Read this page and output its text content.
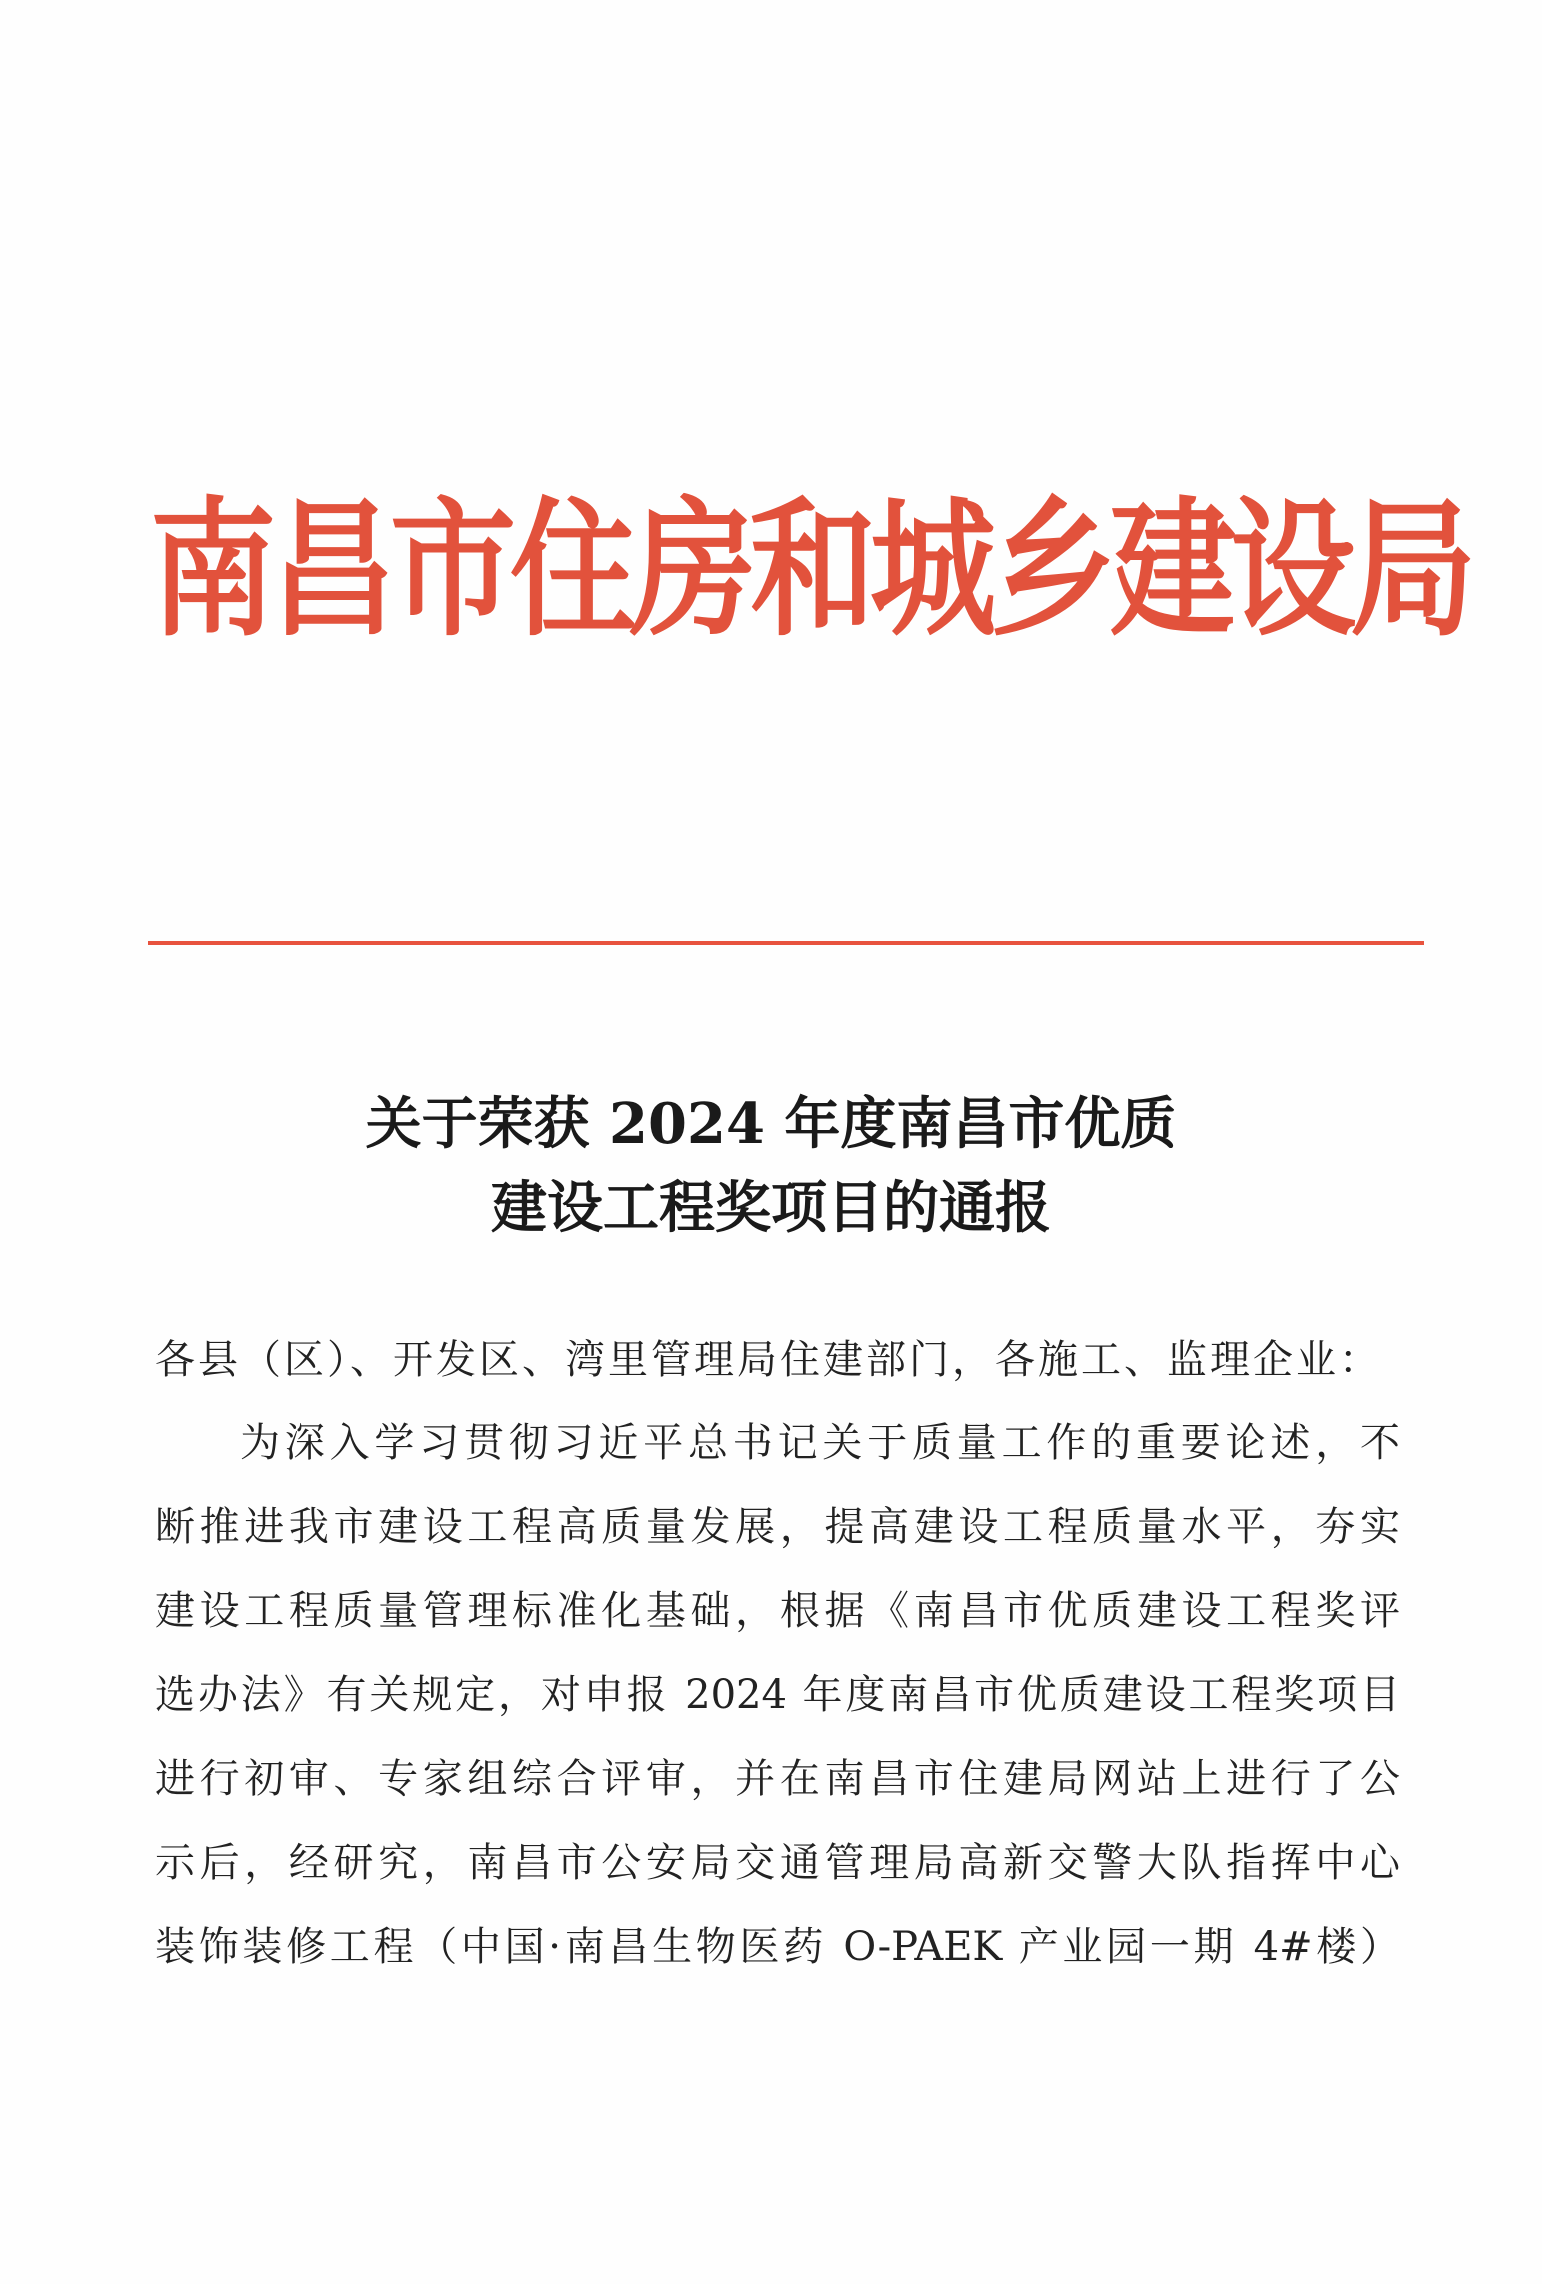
南昌市住房和城乡建设局
关于荣获 2024 年度南昌市优质
建设工程奖项目的通报
各县（区）、开发区、湾里管理局住建部门，各施工、监理企业：
为深入学习贯彻习近平总书记关于质量工作的重要论述，不
断推进我市建设工程高质量发展，提高建设工程质量水平，夯实
建设工程质量管理标准化基础，根据《南昌市优质建设工程奖评
选办法》有关规定，对申报 2024 年度南昌市优质建设工程奖项目
进行初审、专家组综合评审，并在南昌市住建局网站上进行了公
示后，经研究，南昌市公安局交通管理局高新交警大队指挥中心
装饰装修工程（中国·南昌生物医药 O-PAEK 产业园一期 4#楼）
